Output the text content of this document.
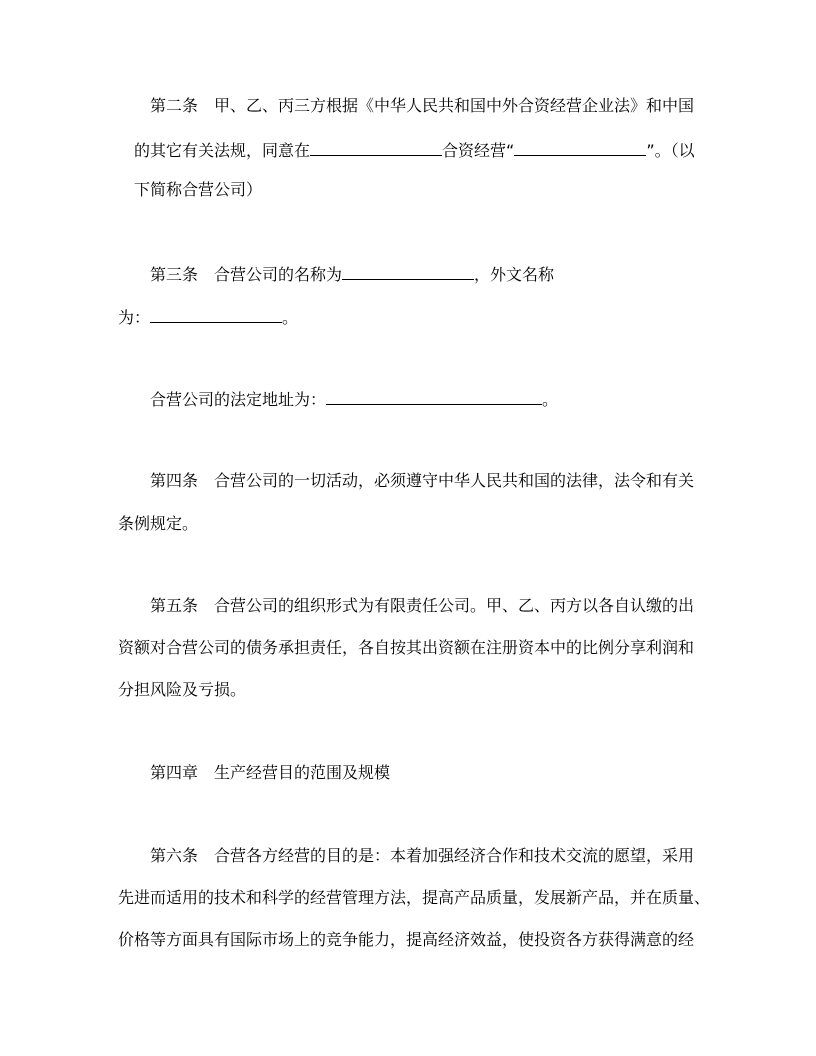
第二条 甲、乙、丙三方根据《中华人民共和国中外合资经营企业法》和中国
的其它有关法规，同意在	合资经营“	”。（以
下简称合营公司）
第三条 合营公司的名称为	，外文名称
为：	。
合营公司的法定地址为：	。
第四条 合营公司的一切活动，必须遵守中华人民共和国的法律，法令和有关
条例规定。
第五条 合营公司的组织形式为有限责任公司。甲、乙、丙方以各自认缴的出
资额对合营公司的债务承担责任，各自按其出资额在注册资本中的比例分享利润和
分担风险及亏损。
第四章 生产经营目的范围及规模
第六条 合营各方经营的目的是：本着加强经济合作和技术交流的愿望，采用
先进而适用的技术和科学的经营管理方法，提高产品质量，发展新产品，并在质量、
价格等方面具有国际市场上的竞争能力，提高经济效益，使投资各方获得满意的经
